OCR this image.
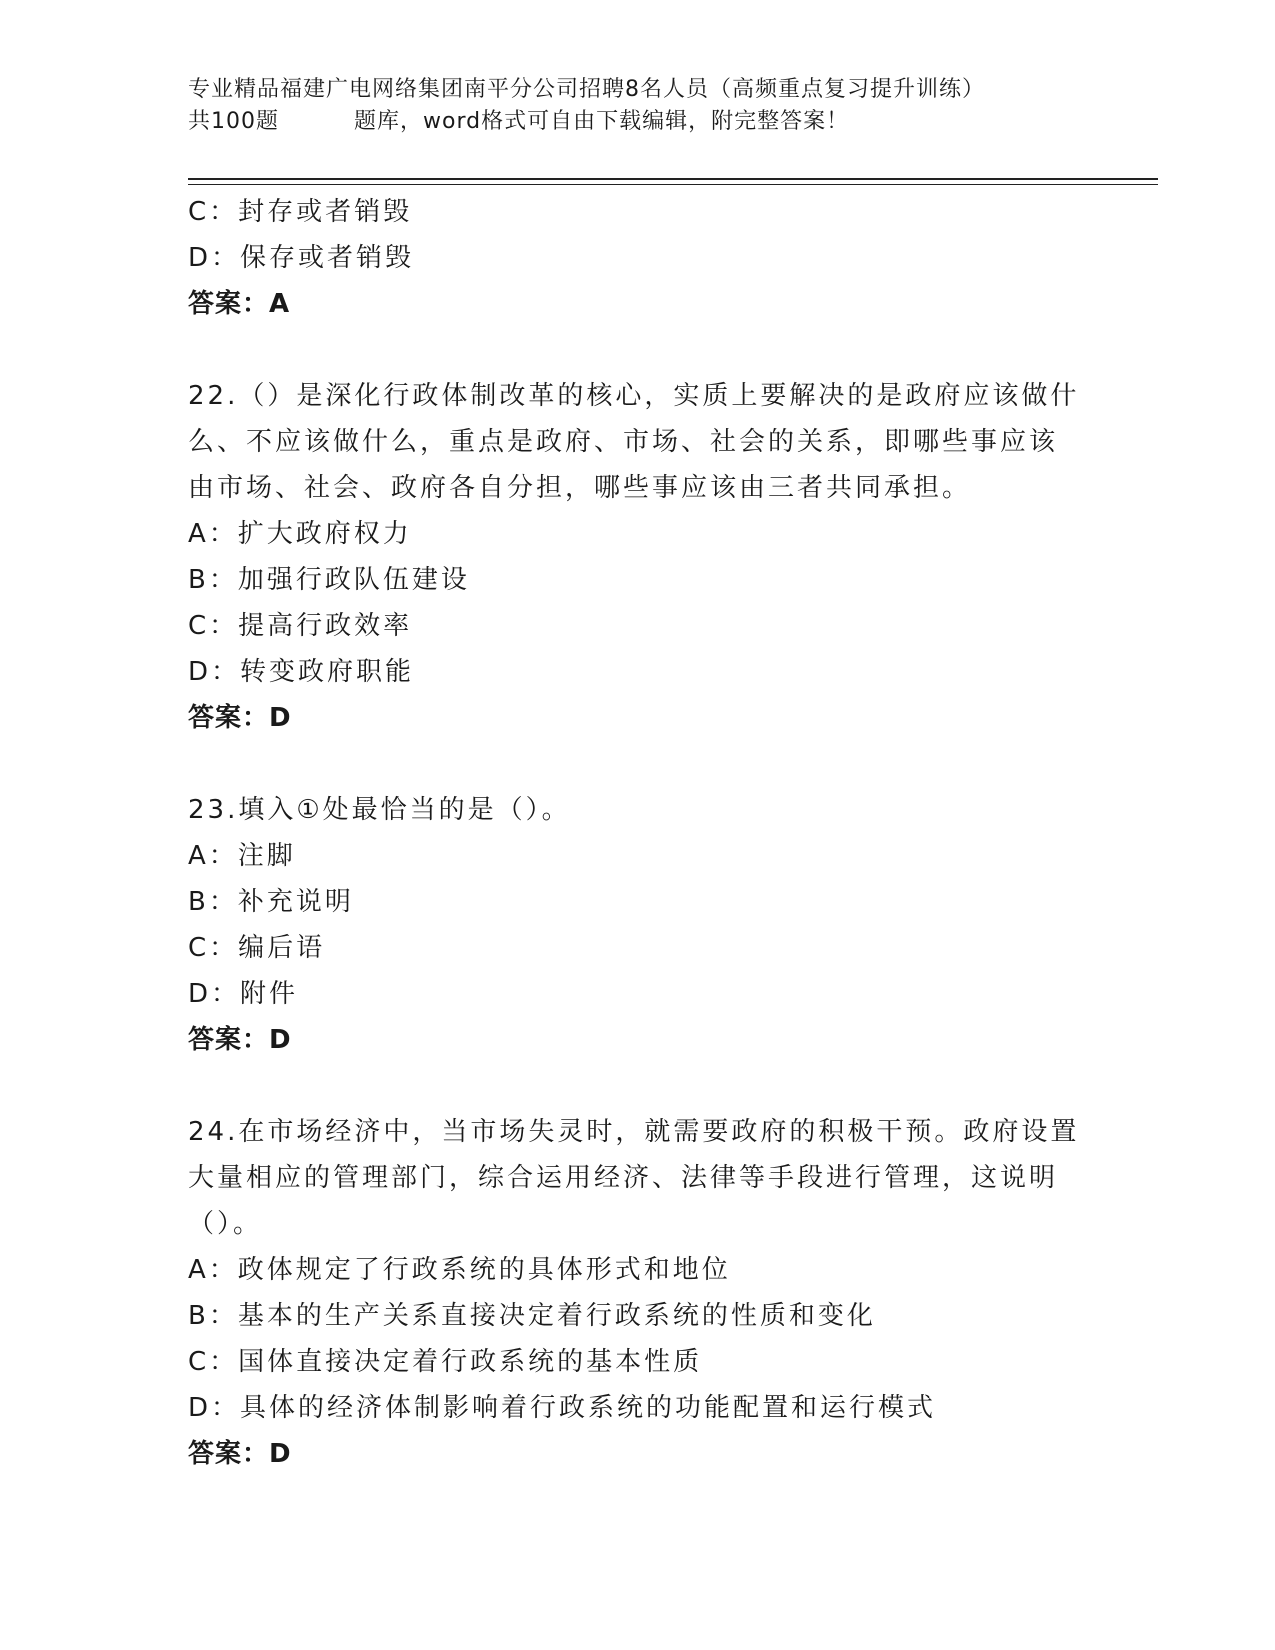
专业精品福建广电网络集团南平分公司招聘8名人员（高频重点复习提升训练）
共100题	题库，word格式可自由下载编辑，附完整答案！
C：封存或者销毁
D：保存或者销毁
答案：A
22.（）是深化行政体制改革的核心，实质上要解决的是政府应该做什
么、不应该做什么，重点是政府、市场、社会的关系，即哪些事应该
由市场、社会、政府各自分担，哪些事应该由三者共同承担。
A：扩大政府权力
B：加强行政队伍建设
C：提高行政效率
D：转变政府职能
答案：D
23.填入①处最恰当的是（）。
A：注脚
B：补充说明
C：编后语
D：附件
答案：D
24.在市场经济中，当市场失灵时，就需要政府的积极干预。政府设置
大量相应的管理部门，综合运用经济、法律等手段进行管理，这说明
（）。
A：政体规定了行政系统的具体形式和地位
B：基本的生产关系直接决定着行政系统的性质和变化
C：国体直接决定着行政系统的基本性质
D：具体的经济体制影响着行政系统的功能配置和运行模式
答案：D
